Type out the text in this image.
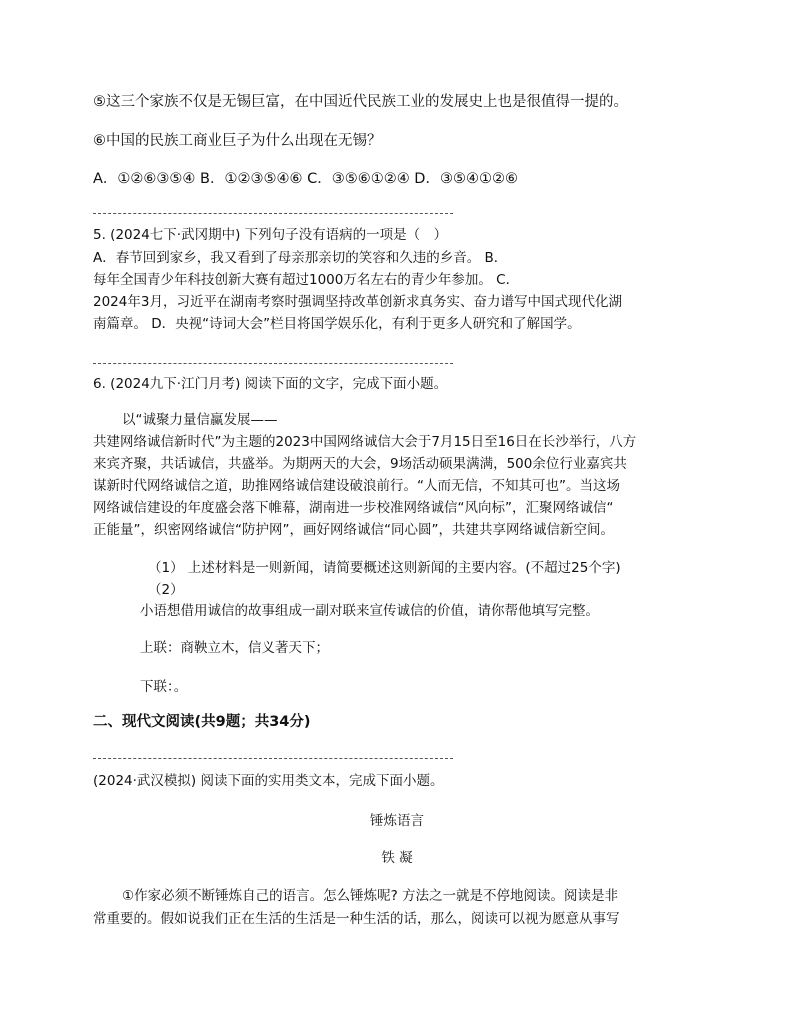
⑤这三个家族不仅是无锡巨富，在中国近代民族工业的发展史上也是很值得一提的。
⑥中国的民族工商业巨子为什么出现在无锡？
A．①②⑥③⑤④ B．①②③⑤④⑥ C．③⑤⑥①②④ D．③⑤④①②⑥
5. (2024七下·武冈期中) 下列句子没有语病的一项是（　）
A．春节回到家乡，我又看到了母亲那亲切的笑容和久违的乡音。 B．
每年全国青少年科技创新大赛有超过1000万名左右的青少年参加。 C．
2024年3月，习近平在湖南考察时强调坚持改革创新求真务实、奋力谱写中国式现代化湖
南篇章。 D．央视“诗词大会”栏目将国学娱乐化，有利于更多人研究和了解国学。
6. (2024九下·江门月考) 阅读下面的文字，完成下面小题。
以“诚聚力量信赢发展——
共建网络诚信新时代”为主题的2023中国网络诚信大会于7月15日至16日在长沙举行，八方
来宾齐聚，共话诚信，共盛举。为期两天的大会，9场活动硕果满满，500余位行业嘉宾共
谋新时代网络诚信之道，助推网络诚信建设破浪前行。“人而无信，不知其可也”。当这场
网络诚信建设的年度盛会落下帷幕，湖南进一步校准网络诚信“风向标”，汇聚网络诚信“
正能量”，织密网络诚信“防护网”，画好网络诚信“同心圆”，共建共享网络诚信新空间。
（1） 上述材料是一则新闻，请简要概述这则新闻的主要内容。(不超过25个字)
（2）
小语想借用诚信的故事组成一副对联来宣传诚信的价值，请你帮他填写完整。
上联：商鞅立木，信义著天下；
下联：。
二、现代文阅读(共9题；共34分)
(2024·武汉模拟) 阅读下面的实用类文本，完成下面小题。
锤炼语言
铁 凝
①作家必须不断锤炼自己的语言。怎么锤炼呢? 方法之一就是不停地阅读。阅读是非
常重要的。假如说我们正在生活的生活是一种生活的话，那么，阅读可以视为愿意从事写
